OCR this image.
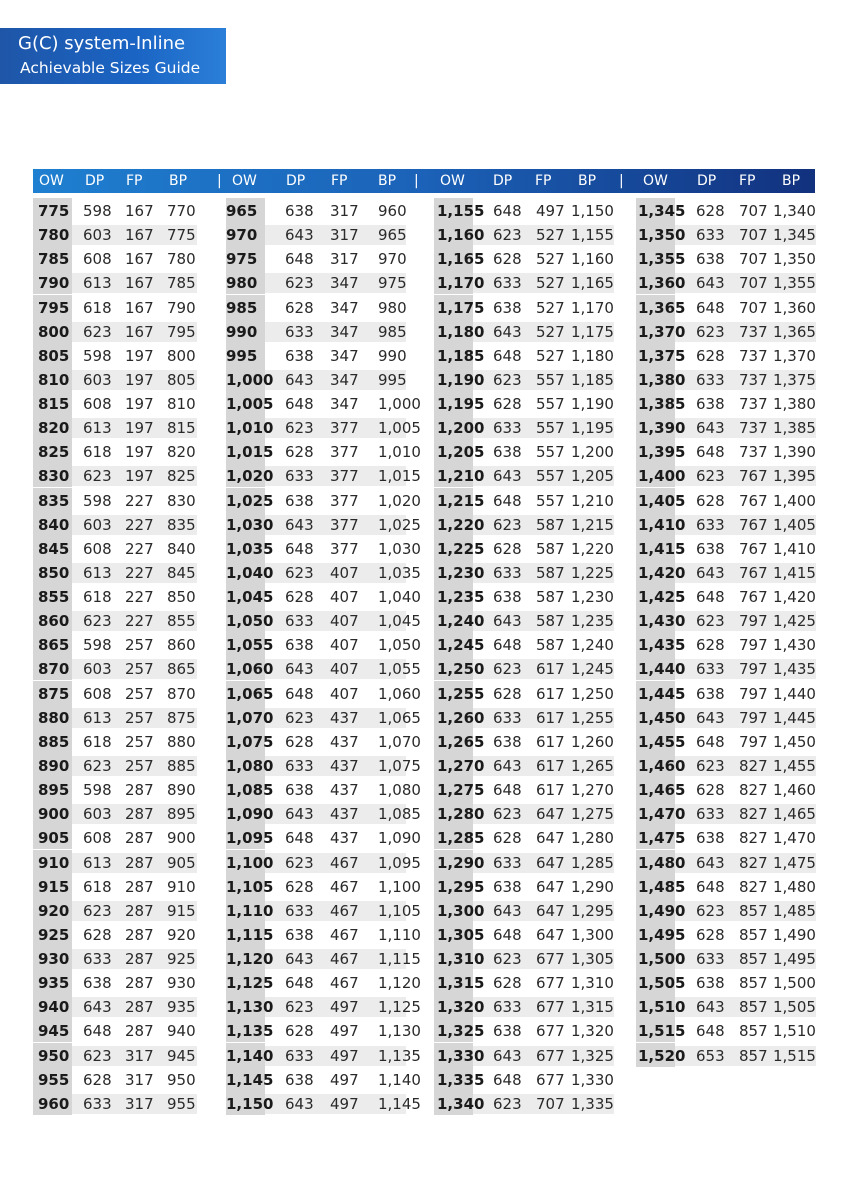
G(C) system-Inline
Achievable Sizes Guide
OW DP FP BP | OW DP FP BP | OW DP FP BP | OW DP FP BP
775 598 167 770
780 603 167 775
785 608 167 780
790 613 167 785
795 618 167 790
800 623 167 795
805 598 197 800
810 603 197 805
815 608 197 810
820 613 197 815
825 618 197 820
830 623 197 825
835 598 227 830
840 603 227 835
845 608 227 840
850 613 227 845
855 618 227 850
860 623 227 855
865 598 257 860
870 603 257 865
875 608 257 870
880 613 257 875
885 618 257 880
890 623 257 885
895 598 287 890
900 603 287 895
905 608 287 900
910 613 287 905
915 618 287 910
920 623 287 915
925 628 287 920
930 633 287 925
935 638 287 930
940 643 287 935
945 648 287 940
950 623 317 945
955 628 317 950
960 633 317 955
965 638 317 960
970 643 317 965
975 648 317 970
980 623 347 975
985 628 347 980
990 633 347 985
995 638 347 990
1,000 643 347 995
1,005 648 347 1,000
1,010 623 377 1,005
1,015 628 377 1,010
1,020 633 377 1,015
1,025 638 377 1,020
1,030 643 377 1,025
1,035 648 377 1,030
1,040 623 407 1,035
1,045 628 407 1,040
1,050 633 407 1,045
1,055 638 407 1,050
1,060 643 407 1,055
1,065 648 407 1,060
1,070 623 437 1,065
1,075 628 437 1,070
1,080 633 437 1,075
1,085 638 437 1,080
1,090 643 437 1,085
1,095 648 437 1,090
1,100 623 467 1,095
1,105 628 467 1,100
1,110 633 467 1,105
1,115 638 467 1,110
1,120 643 467 1,115
1,125 648 467 1,120
1,130 623 497 1,125
1,135 628 497 1,130
1,140 633 497 1,135
1,145 638 497 1,140
1,150 643 497 1,145
1,155 648 497 1,150
1,160 623 527 1,155
1,165 628 527 1,160
1,170 633 527 1,165
1,175 638 527 1,170
1,180 643 527 1,175
1,185 648 527 1,180
1,190 623 557 1,185
1,195 628 557 1,190
1,200 633 557 1,195
1,205 638 557 1,200
1,210 643 557 1,205
1,215 648 557 1,210
1,220 623 587 1,215
1,225 628 587 1,220
1,230 633 587 1,225
1,235 638 587 1,230
1,240 643 587 1,235
1,245 648 587 1,240
1,250 623 617 1,245
1,255 628 617 1,250
1,260 633 617 1,255
1,265 638 617 1,260
1,270 643 617 1,265
1,275 648 617 1,270
1,280 623 647 1,275
1,285 628 647 1,280
1,290 633 647 1,285
1,295 638 647 1,290
1,300 643 647 1,295
1,305 648 647 1,300
1,310 623 677 1,305
1,315 628 677 1,310
1,320 633 677 1,315
1,325 638 677 1,320
1,330 643 677 1,325
1,335 648 677 1,330
1,340 623 707 1,335
1,345 628 707 1,340
1,350 633 707 1,345
1,355 638 707 1,350
1,360 643 707 1,355
1,365 648 707 1,360
1,370 623 737 1,365
1,375 628 737 1,370
1,380 633 737 1,375
1,385 638 737 1,380
1,390 643 737 1,385
1,395 648 737 1,390
1,400 623 767 1,395
1,405 628 767 1,400
1,410 633 767 1,405
1,415 638 767 1,410
1,420 643 767 1,415
1,425 648 767 1,420
1,430 623 797 1,425
1,435 628 797 1,430
1,440 633 797 1,435
1,445 638 797 1,440
1,450 643 797 1,445
1,455 648 797 1,450
1,460 623 827 1,455
1,465 628 827 1,460
1,470 633 827 1,465
1,475 638 827 1,470
1,480 643 827 1,475
1,485 648 827 1,480
1,490 623 857 1,485
1,495 628 857 1,490
1,500 633 857 1,495
1,505 638 857 1,500
1,510 643 857 1,505
1,515 648 857 1,510
1,520 653 857 1,515
